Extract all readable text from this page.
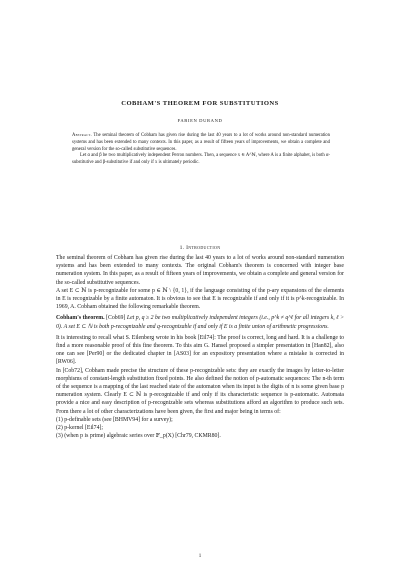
COBHAM'S THEOREM FOR SUBSTITUTIONS
FABIEN DURAND

Abstract. The seminal theorem of Cobham has given rise during the last 40 years to a lot of works around non-standard numeration systems and has been extended to many contexts. In this paper, as a result of fifteen years of improvements, we obtain a complete and general version for the so-called substitutive sequences.

Let α and β be two multiplicatively independent Perron numbers. Then, a sequence x ∈ A^ℕ, where A is a finite alphabet, is both α-substitutive and β-substitutive if and only if x is ultimately periodic.

1. Introduction

The seminal theorem of Cobham has given rise during the last 40 years to a lot of works around non-standard numeration systems and has been extended to many contexts. The original Cobham's theorem is concerned with integer base numeration system. In this paper, as a result of fifteen years of improvements, we obtain a complete and general version for the so-called substitutive sequences.

A set E ⊂ ℕ is p-recognizable for some p ∈ ℕ \ {0, 1}, if the language consisting of the p-ary expansions of the elements in E is recognizable by a finite automaton. It is obvious to see that E is recognizable if and only if it is p^k-recognizable. In 1969, A. Cobham obtained the following remarkable theorem.

Cobham's theorem. [Cob69] Let p, q ≥ 2 be two multiplicatively independent integers (i.e., p^k ≠ q^ℓ for all integers k, ℓ > 0). A set E ⊂ ℕ is both p-recognizable and q-recognizable if and only if E is a finite union of arithmetic progressions.

It is interesting to recall what S. Eilenberg wrote in his book [Eil74]: The proof is correct, long and hard. It is a challenge to find a more reasonable proof of this fine theorem. To this aim G. Hansel proposed a simpler presentation in [Han82], also one can see [Per90] or the dedicated chapter in [AS03] for an expository presentation where a mistake is corrected in [RW06].

In [Cob72], Cobham made precise the structure of these p-recognizable sets: they are exactly the images by letter-to-letter morphisms of constant-length substitution fixed points. He also defined the notion of p-automatic sequences: The n-th term of the sequence is a mapping of the last reached state of the automaton when its input is the digits of n is some given base p numeration system. Clearly E ⊂ ℕ is p-recognizable if and only if its characteristic sequence is p-automatic. Automata provide a nice and easy description of p-recognizable sets whereas substitutions afford an algorithm to produce such sets. From there a lot of other characterizations have been given, the first and major being in terms of:

(1) p-definable sets (see [BHMV94] for a survey);
(2) p-kernel [Eil74];
(3) (when p is prime) algebraic series over 𝔽_p(X) [Chr79, CKMR80].
1
